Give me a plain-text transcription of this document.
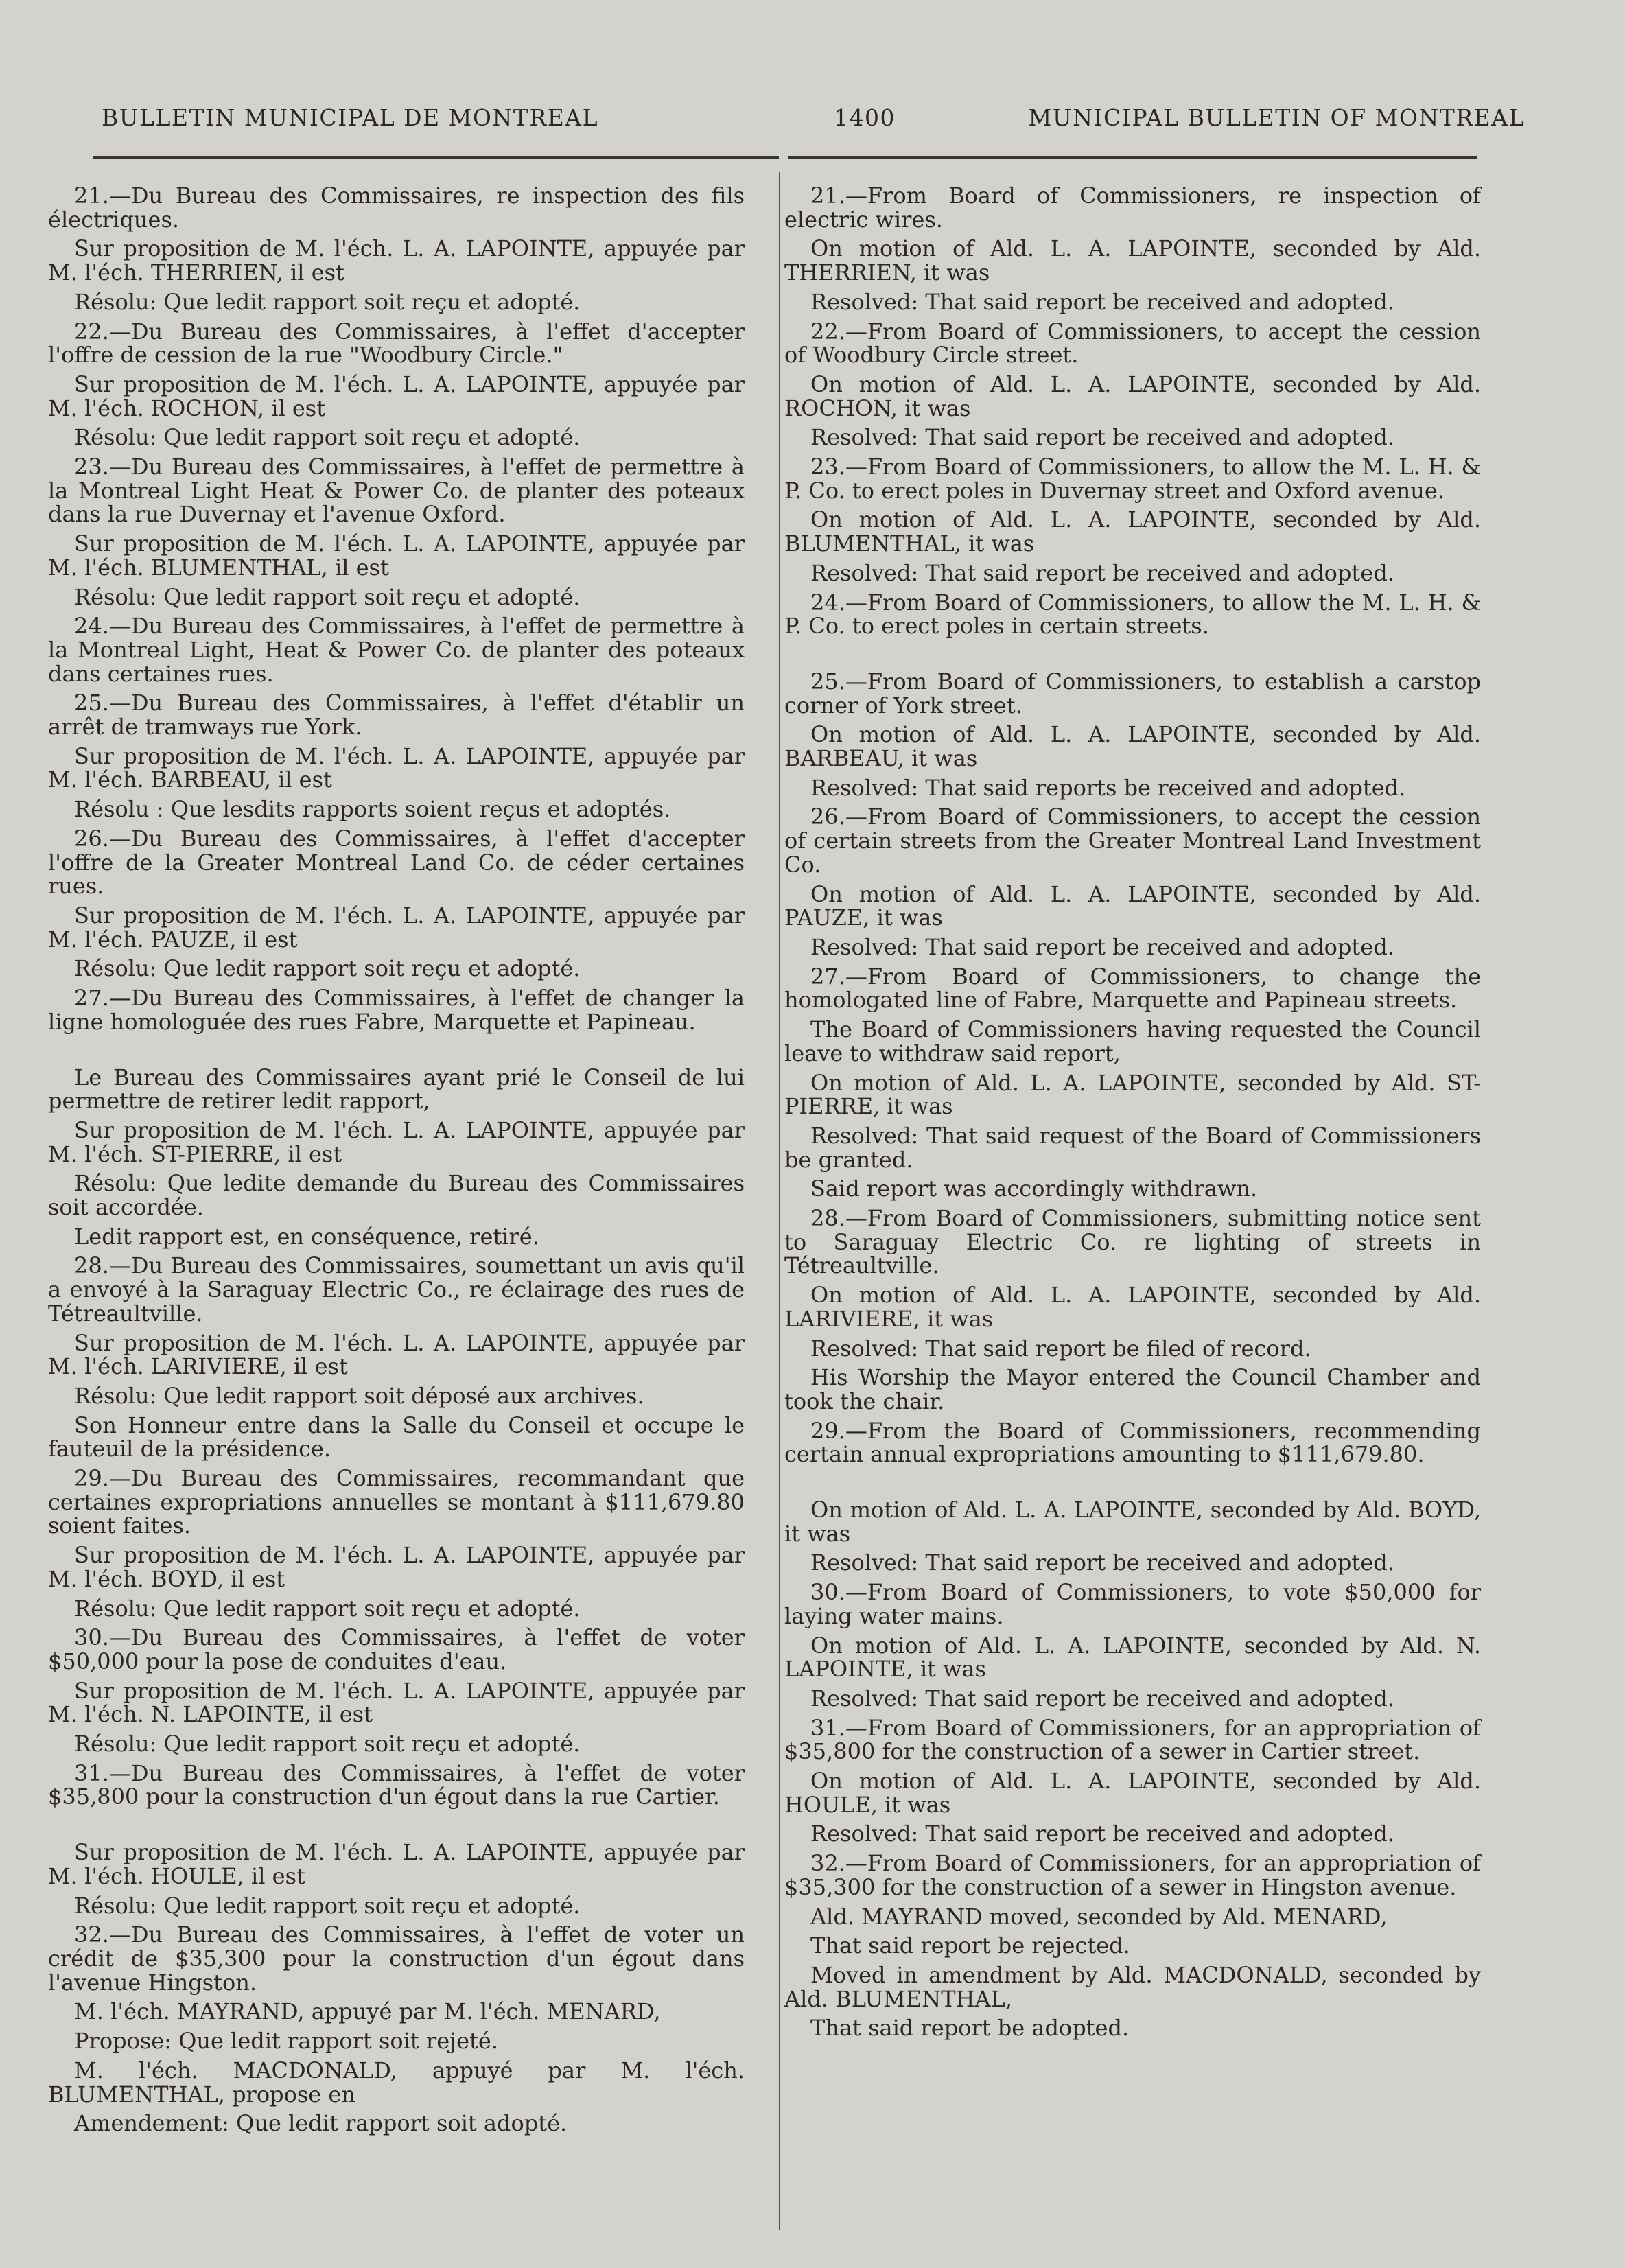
BULLETIN MUNICIPAL DE MONTREAL	1400	MUNICIPAL BULLETIN OF MONTREAL

21.—Du Bureau des Commissaires, re inspection des fils électriques.

Sur proposition de M. l'éch. L. A. LAPOINTE, appuyée par M. l'éch. THERRIEN, il est

Résolu: Que ledit rapport soit reçu et adopté.

22.—Du Bureau des Commissaires, à l'effet d'accepter l'offre de cession de la rue "Woodbury Circle."

Sur proposition de M. l'éch. L. A. LAPOINTE, appuyée par M. l'éch. ROCHON, il est

Résolu: Que ledit rapport soit reçu et adopté.

23.—Du Bureau des Commissaires, à l'effet de permettre à la Montreal Light Heat & Power Co. de planter des poteaux dans la rue Duvernay et l'avenue Oxford.

Sur proposition de M. l'éch. L. A. LAPOINTE, appuyée par M. l'éch. BLUMENTHAL, il est

Résolu: Que ledit rapport soit reçu et adopté.

24.—Du Bureau des Commissaires, à l'effet de permettre à la Montreal Light, Heat & Power Co. de planter des poteaux dans certaines rues.

25.—Du Bureau des Commissaires, à l'effet d'établir un arrêt de tramways rue York.

Sur proposition de M. l'éch. L. A. LAPOINTE, appuyée par M. l'éch. BARBEAU, il est

Résolu : Que lesdits rapports soient reçus et adoptés.

26.—Du Bureau des Commissaires, à l'effet d'accepter l'offre de la Greater Montreal Land Co. de céder certaines rues.

Sur proposition de M. l'éch. L. A. LAPOINTE, appuyée par M. l'éch. PAUZE, il est

Résolu: Que ledit rapport soit reçu et adopté.

27.—Du Bureau des Commissaires, à l'effet de changer la ligne homologuée des rues Fabre, Marquette et Papineau.

Le Bureau des Commissaires ayant prié le Conseil de lui permettre de retirer ledit rapport,

Sur proposition de M. l'éch. L. A. LAPOINTE, appuyée par M. l'éch. ST-PIERRE, il est

Résolu: Que ledite demande du Bureau des Commissaires soit accordée.

Ledit rapport est, en conséquence, retiré.

28.—Du Bureau des Commissaires, soumettant un avis qu'il a envoyé à la Saraguay Electric Co., re éclairage des rues de Tétreaultville.

Sur proposition de M. l'éch. L. A. LAPOINTE, appuyée par M. l'éch. LARIVIERE, il est

Résolu: Que ledit rapport soit déposé aux archives.

Son Honneur entre dans la Salle du Conseil et occupe le fauteuil de la présidence.

29.—Du Bureau des Commissaires, recommandant que certaines expropriations annuelles se montant à $111,679.80 soient faites.

Sur proposition de M. l'éch. L. A. LAPOINTE, appuyée par M. l'éch. BOYD, il est

Résolu: Que ledit rapport soit reçu et adopté.

30.—Du Bureau des Commissaires, à l'effet de voter $50,000 pour la pose de conduites d'eau.

Sur proposition de M. l'éch. L. A. LAPOINTE, appuyée par M. l'éch. N. LAPOINTE, il est

Résolu: Que ledit rapport soit reçu et adopté.

31.—Du Bureau des Commissaires, à l'effet de voter $35,800 pour la construction d'un égout dans la rue Cartier.

Sur proposition de M. l'éch. L. A. LAPOINTE, appuyée par M. l'éch. HOULE, il est

Résolu: Que ledit rapport soit reçu et adopté.

32.—Du Bureau des Commissaires, à l'effet de voter un crédit de $35,300 pour la construction d'un égout dans l'avenue Hingston.

M. l'éch. MAYRAND, appuyé par M. l'éch. MENARD,

Propose: Que ledit rapport soit rejeté.

M. l'éch. MACDONALD, appuyé par M. l'éch. BLUMENTHAL, propose en

Amendement: Que ledit rapport soit adopté.

21.—From Board of Commissioners, re inspection of electric wires.

On motion of Ald. L. A. LAPOINTE, seconded by Ald. THERRIEN, it was

Resolved: That said report be received and adopted.

22.—From Board of Commissioners, to accept the cession of Woodbury Circle street.

On motion of Ald. L. A. LAPOINTE, seconded by Ald. ROCHON, it was

Resolved: That said report be received and adopted.

23.—From Board of Commissioners, to allow the M. L. H. & P. Co. to erect poles in Duvernay street and Oxford avenue.

On motion of Ald. L. A. LAPOINTE, seconded by Ald. BLUMENTHAL, it was

Resolved: That said report be received and adopted.

24.—From Board of Commissioners, to allow the M. L. H. & P. Co. to erect poles in certain streets.

25.—From Board of Commissioners, to establish a carstop corner of York street.

On motion of Ald. L. A. LAPOINTE, seconded by Ald. BARBEAU, it was

Resolved: That said reports be received and adopted.

26.—From Board of Commissioners, to accept the cession of certain streets from the Greater Montreal Land Investment Co.

On motion of Ald. L. A. LAPOINTE, seconded by Ald. PAUZE, it was

Resolved: That said report be received and adopted.

27.—From Board of Commissioners, to change the homologated line of Fabre, Marquette and Papineau streets.

The Board of Commissioners having requested the Council leave to withdraw said report,

On motion of Ald. L. A. LAPOINTE, seconded by Ald. ST-PIERRE, it was

Resolved: That said request of the Board of Commissioners be granted.

Said report was accordingly withdrawn.

28.—From Board of Commissioners, submitting notice sent to Saraguay Electric Co. re lighting of streets in Tétreaultville.

On motion of Ald. L. A. LAPOINTE, seconded by Ald. LARIVIERE, it was

Resolved: That said report be filed of record.

His Worship the Mayor entered the Council Chamber and took the chair.

29.—From the Board of Commissioners, recommending certain annual expropriations amounting to $111,679.80.

On motion of Ald. L. A. LAPOINTE, seconded by Ald. BOYD, it was

Resolved: That said report be received and adopted.

30.—From Board of Commissioners, to vote $50,000 for laying water mains.

On motion of Ald. L. A. LAPOINTE, seconded by Ald. N. LAPOINTE, it was

Resolved: That said report be received and adopted.

31.—From Board of Commissioners, for an appropriation of $35,800 for the construction of a sewer in Cartier street.

On motion of Ald. L. A. LAPOINTE, seconded by Ald. HOULE, it was

Resolved: That said report be received and adopted.

32.—From Board of Commissioners, for an appropriation of $35,300 for the construction of a sewer in Hingston avenue.

Ald. MAYRAND moved, seconded by Ald. MENARD,

That said report be rejected.

Moved in amendment by Ald. MACDONALD, seconded by Ald. BLUMENTHAL,

That said report be adopted.
